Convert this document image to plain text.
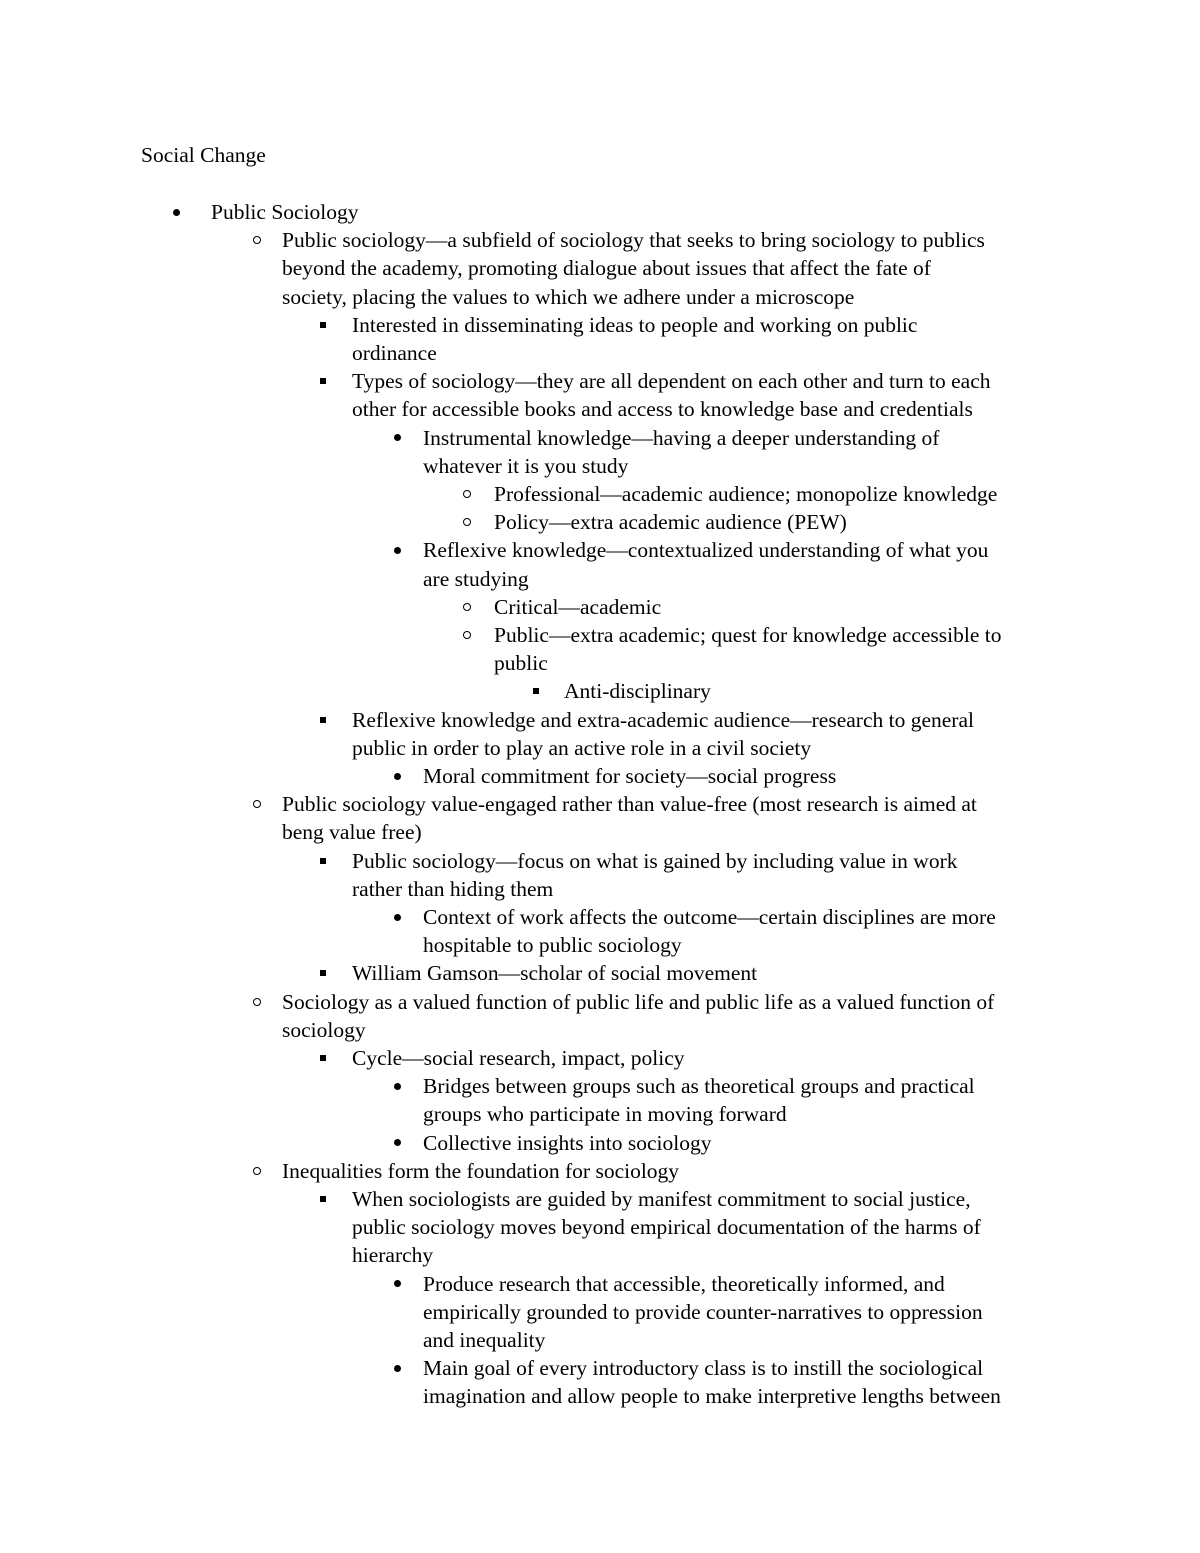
Social Change
Public Sociology
Public sociology—a subfield of sociology that seeks to bring sociology to publics
beyond the academy, promoting dialogue about issues that affect the fate of
society, placing the values to which we adhere under a microscope
Interested in disseminating ideas to people and working on public
ordinance
Types of sociology—they are all dependent on each other and turn to each
other for accessible books and access to knowledge base and credentials
Instrumental knowledge—having a deeper understanding of
whatever it is you study
Professional—academic audience; monopolize knowledge
Policy—extra academic audience (PEW)
Reflexive knowledge—contextualized understanding of what you
are studying
Critical—academic
Public—extra academic; quest for knowledge accessible to
public
Anti-disciplinary
Reflexive knowledge and extra-academic audience—research to general
public in order to play an active role in a civil society
Moral commitment for society—social progress
Public sociology value-engaged rather than value-free (most research is aimed at
beng value free)
Public sociology—focus on what is gained by including value in work
rather than hiding them
Context of work affects the outcome—certain disciplines are more
hospitable to public sociology
William Gamson—scholar of social movement
Sociology as a valued function of public life and public life as a valued function of
sociology
Cycle—social research, impact, policy
Bridges between groups such as theoretical groups and practical
groups who participate in moving forward
Collective insights into sociology
Inequalities form the foundation for sociology
When sociologists are guided by manifest commitment to social justice,
public sociology moves beyond empirical documentation of the harms of
hierarchy
Produce research that accessible, theoretically informed, and
empirically grounded to provide counter-narratives to oppression
and inequality
Main goal of every introductory class is to instill the sociological
imagination and allow people to make interpretive lengths between
